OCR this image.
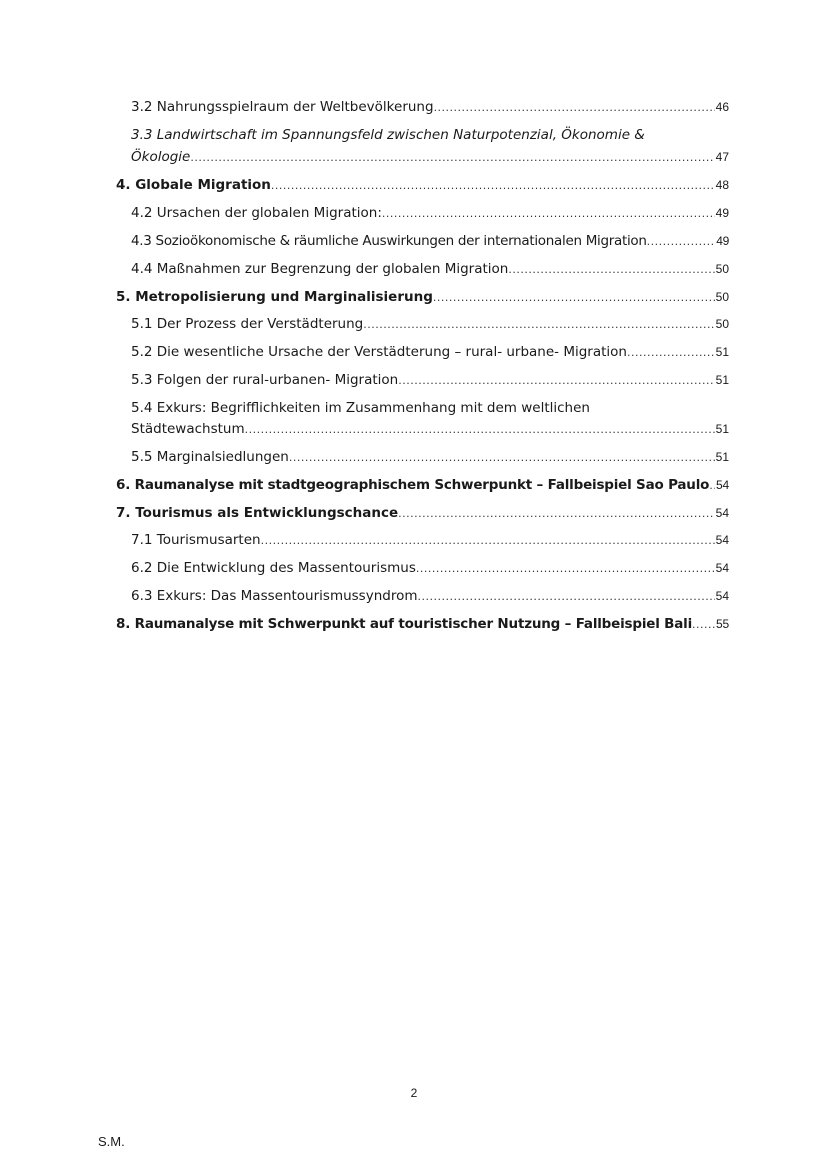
3.2 Nahrungsspielraum der Weltbevölkerung .....	46
3.3 Landwirtschaft im Spannungsfeld zwischen Naturpotenzial, Ökonomie &
Ökologie .....	47
4. Globale Migration .....	48
4.2 Ursachen der globalen Migration: .....	49
4.3 Sozioökonomische & räumliche Auswirkungen der internationalen Migration .....	49
4.4 Maßnahmen zur Begrenzung der globalen Migration .....	50
5. Metropolisierung und Marginalisierung .....	50
5.1 Der Prozess der Verstädterung .....	50
5.2 Die wesentliche Ursache der Verstädterung – rural- urbane- Migration .....	51
5.3 Folgen der rural-urbanen- Migration .....	51
5.4 Exkurs: Begrifflichkeiten im Zusammenhang mit dem weltlichen
Städtewachstum .....	51
5.5 Marginalsiedlungen .....	51
6. Raumanalyse mit stadtgeographischem Schwerpunkt – Fallbeispiel Sao Paulo ..... 54
7. Tourismus als Entwicklungschance .....	54
7.1 Tourismusarten .....	54
6.2 Die Entwicklung des Massentourismus .....	54
6.3 Exkurs: Das Massentourismussyndrom .....	54
8. Raumanalyse mit Schwerpunkt auf touristischer Nutzung – Fallbeispiel Bali ..... 55
2
S.M.
